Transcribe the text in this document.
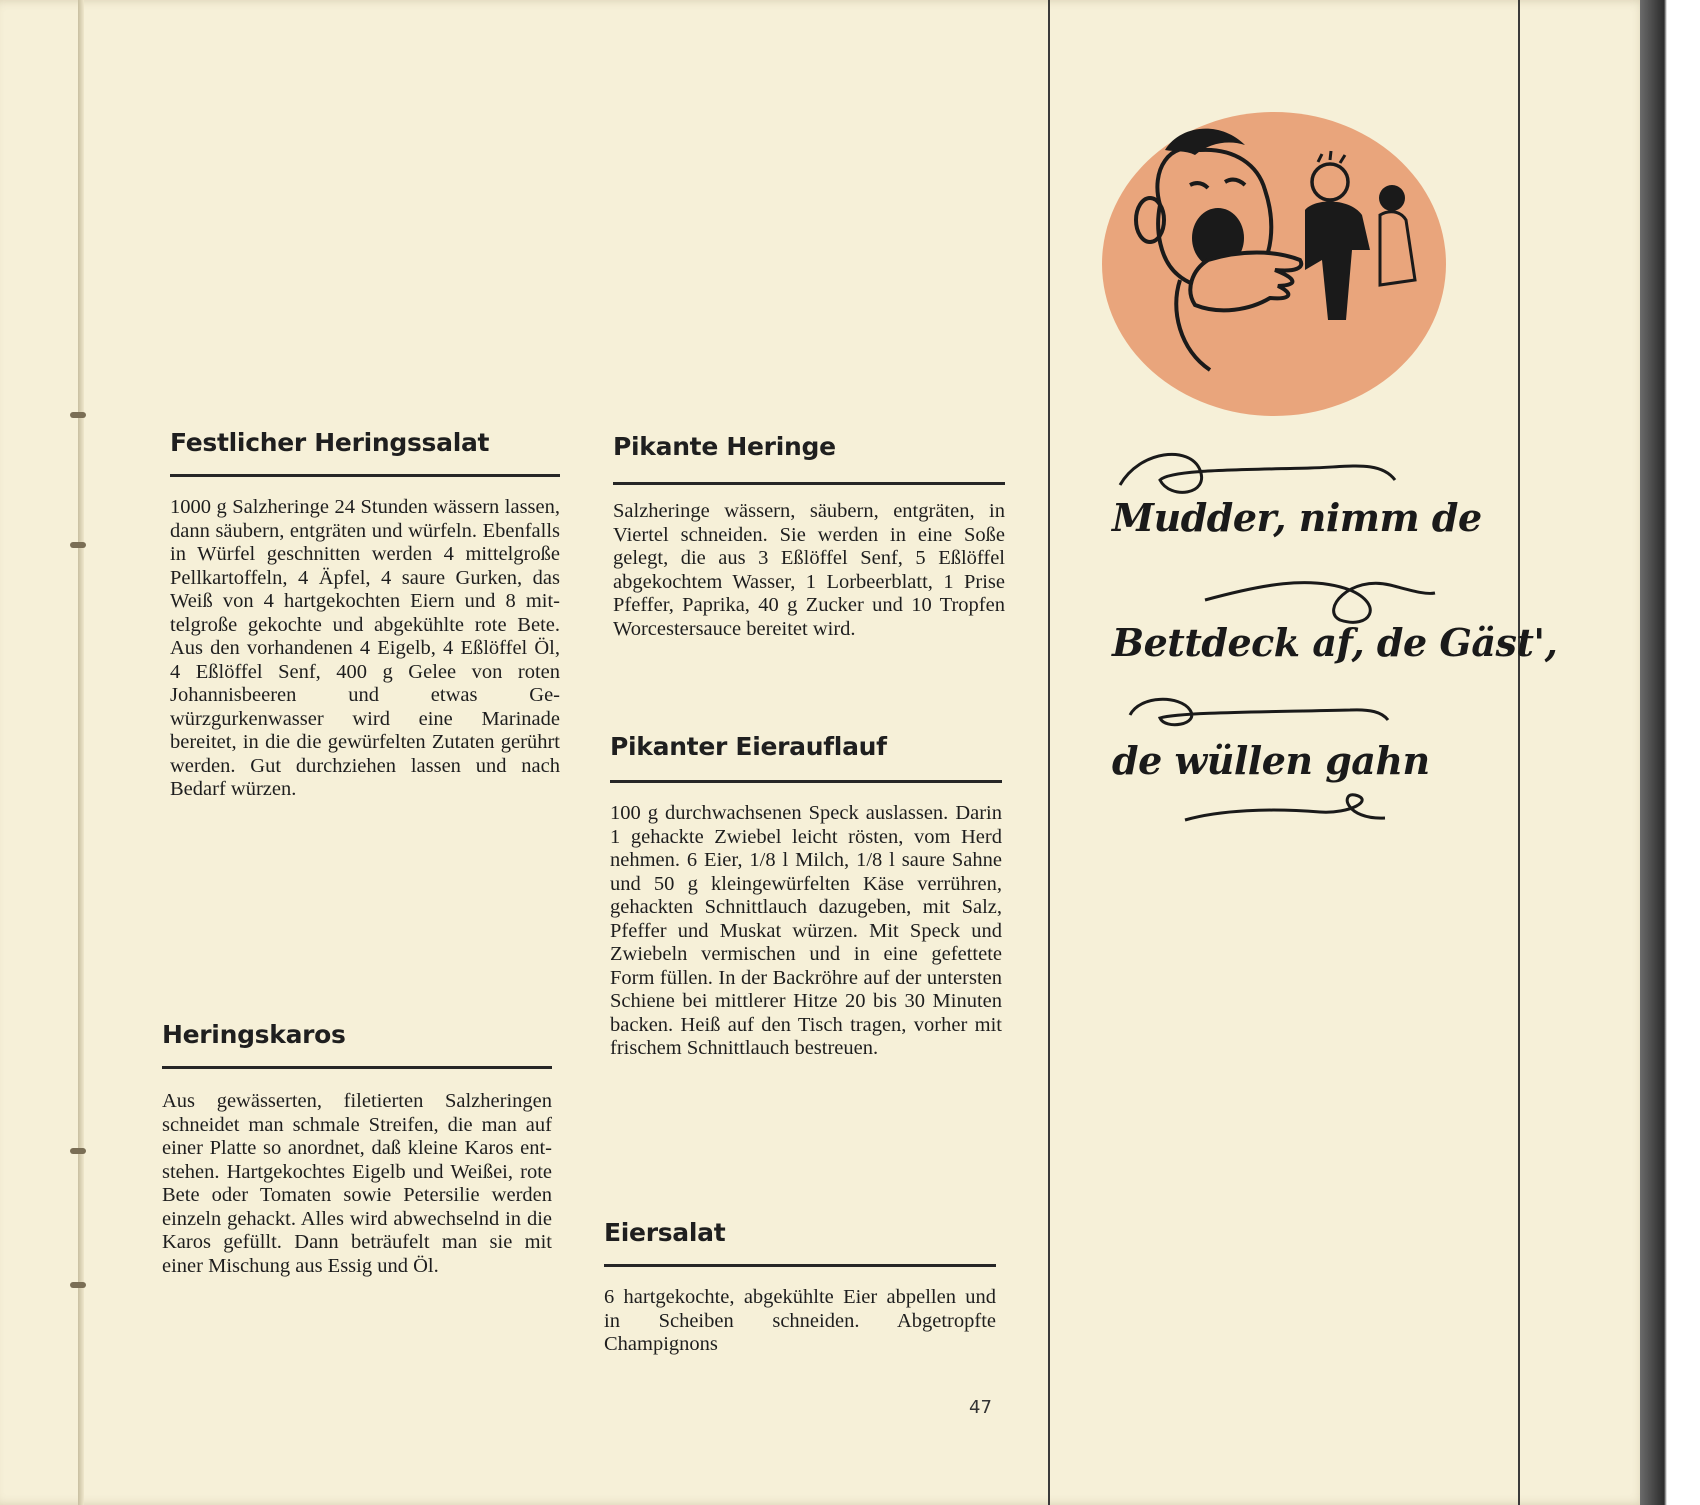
Festlicher Heringssalat
1000 g Salzheringe 24 Stunden wässern lassen, dann säubern, entgräten und würfeln. Ebenfalls in Würfel geschnitten werden 4 mittelgroße Pellkartoffeln, 4 Äpfel, 4 saure Gurken, das Weiß von 4 hartgekochten Eiern und 8 mittelgroße gekochte und abgekühlte rote Bete. Aus den vorhandenen 4 Eigelb, 4 Eßlöffel Öl, 4 Eßlöffel Senf, 400 g Gelee von roten Johannisbeeren und etwas Gewürzgurkenwasser wird eine Marinade bereitet, in die die gewürfelten Zutaten gerührt werden. Gut durchziehen lassen und nach Bedarf würzen.
Heringskaros
Aus gewässerten, filetierten Salzheringen schneidet man schmale Streifen, die man auf einer Platte so anordnet, daß kleine Karos entstehen. Hartgekochtes Eigelb und Weißei, rote Bete oder Tomaten sowie Petersilie werden einzeln gehackt. Alles wird abwechselnd in die Karos gefüllt. Dann beträufelt man sie mit einer Mischung aus Essig und Öl.
Pikante Heringe
Salzheringe wässern, säubern, entgräten, in Viertel schneiden. Sie werden in eine Soße gelegt, die aus 3 Eßlöffel Senf, 5 Eßlöffel abgekochtem Wasser, 1 Lorbeerblatt, 1 Prise Pfeffer, Paprika, 40 g Zucker und 10 Tropfen Worcestersauce bereitet wird.
Pikanter Eierauflauf
100 g durchwachsenen Speck auslassen. Darin 1 gehackte Zwiebel leicht rösten, vom Herd nehmen. 6 Eier, 1/8 l Milch, 1/8 l saure Sahne und 50 g kleingewürfelten Käse verrühren, gehackten Schnittlauch dazugeben, mit Salz, Pfeffer und Muskat würzen. Mit Speck und Zwiebeln vermischen und in eine gefettete Form füllen. In der Backröhre auf der untersten Schiene bei mittlerer Hitze 20 bis 30 Minuten backen. Heiß auf den Tisch tragen, vorher mit frischem Schnittlauch bestreuen.
Eiersalat
6 hartgekochte, abgekühlte Eier abpellen und in Scheiben schneiden. Abgetropfte Champignons
47
Mudder, nimm de
Bettdeck af, de Gäst',
de wüllen gahn
